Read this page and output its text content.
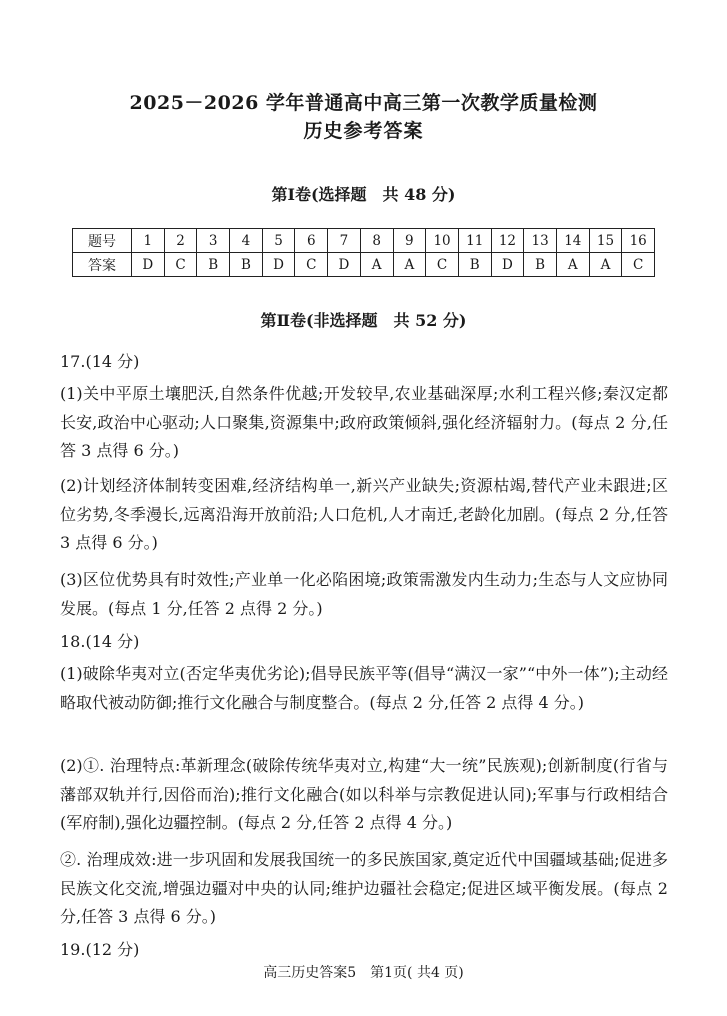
2025－2026 学年普通高中高三第一次教学质量检测
历史参考答案
第Ⅰ卷(选择题　共 48 分)
题号	1	2	3	4	5	6	7	8	9	10	11	12	13	14	15	16
答案	D	C	B	B	D	C	D	A	A	C	B	D	B	A	A	C
第Ⅱ卷(非选择题　共 52 分)
17.(14 分)
(1)关中平原土壤肥沃,自然条件优越;开发较早,农业基础深厚;水利工程兴修;秦汉定都长安,政治中心驱动;人口聚集,资源集中;政府政策倾斜,强化经济辐射力。(每点 2 分,任答 3 点得 6 分。)
(2)计划经济体制转变困难,经济结构单一,新兴产业缺失;资源枯竭,替代产业未跟进;区位劣势,冬季漫长,远离沿海开放前沿;人口危机,人才南迁,老龄化加剧。(每点 2 分,任答 3 点得 6 分。)
(3)区位优势具有时效性;产业单一化必陷困境;政策需激发内生动力;生态与人文应协同发展。(每点 1 分,任答 2 点得 2 分。)
18.(14 分)
(1)破除华夷对立(否定华夷优劣论);倡导民族平等(倡导“满汉一家”“中外一体”);主动经略取代被动防御;推行文化融合与制度整合。(每点 2 分,任答 2 点得 4 分。)
(2)①. 治理特点:革新理念(破除传统华夷对立,构建“大一统”民族观);创新制度(行省与藩部双轨并行,因俗而治);推行文化融合(如以科举与宗教促进认同);军事与行政相结合(军府制),强化边疆控制。(每点 2 分,任答 2 点得 4 分。)
②. 治理成效:进一步巩固和发展我国统一的多民族国家,奠定近代中国疆域基础;促进多民族文化交流,增强边疆对中央的认同;维护边疆社会稳定;促进区域平衡发展。(每点 2 分,任答 3 点得 6 分。)
19.(12 分)
高三历史答案5　第1页( 共4 页)
